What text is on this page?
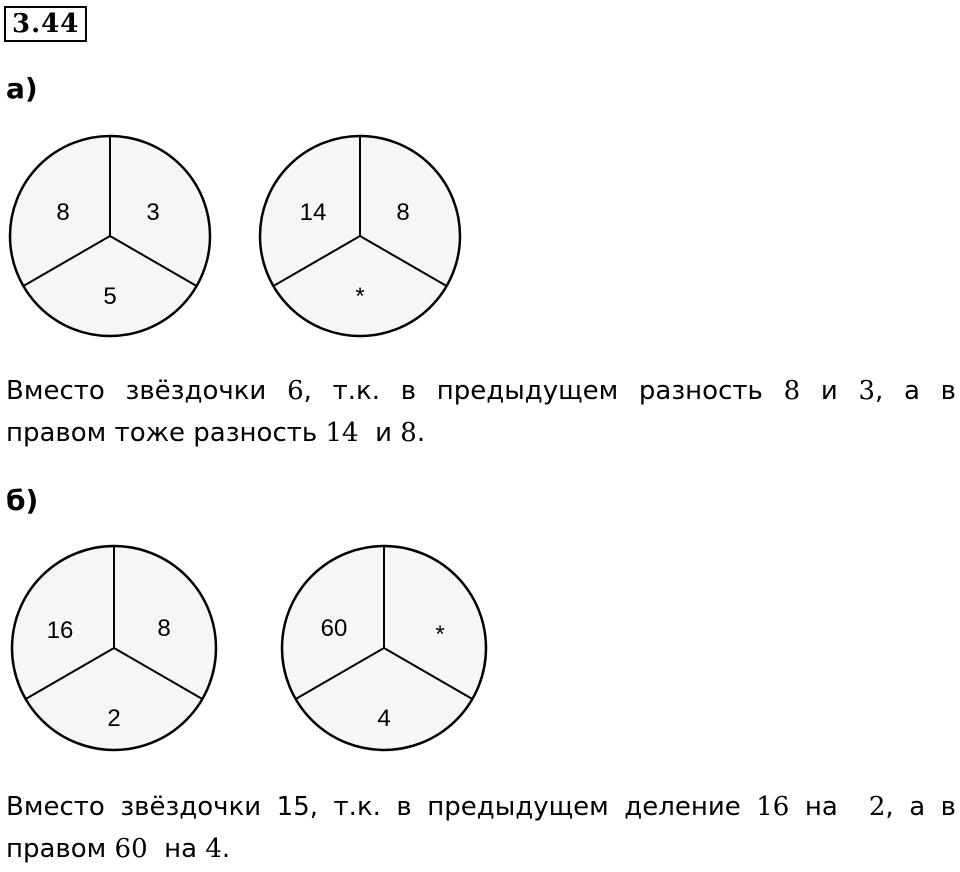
3.44
а)
8	3
5
14	8
*
Вместо звёздочки 6, т.к. в предыдущем разность 8 и 3, а в
правом тоже разность 14  и 8.
б)
16	8
2
60	*
4
Вместо звёздочки 15, т.к. в предыдущем деление 16 на  2, а в
правом 60  на 4.
